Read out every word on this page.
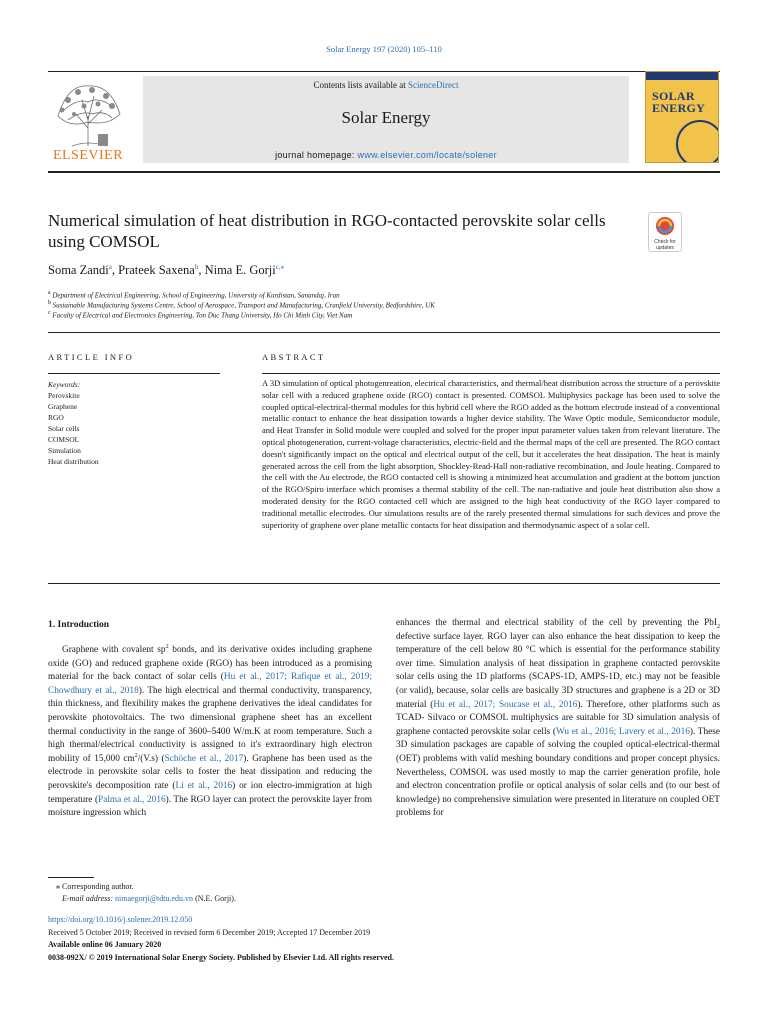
Solar Energy 197 (2020) 105–110
ELSEVIER
Contents lists available at ScienceDirect
Solar Energy
journal homepage: www.elsevier.com/locate/solener
SOLAR
ENERGY
Numerical simulation of heat distribution in RGO-contacted perovskite solar cells using COMSOL	Check for
updates
Soma Zandi$^a$, Prateek Saxena$^b$, Nima E. Gorji$^{c,⁎}$
$^a$ Department of Electrical Engineering, School of Engineering, University of Kurdistan, Sanandaj, Iran
$^b$ Sustainable Manufacturing Systems Centre, School of Aerospace, Transport and Manufacturing, Cranfield University, Bedfordshire, UK
$^c$ Faculty of Electrical and Electronics Engineering, Ton Duc Thang University, Ho Chi Minh City, Viet Nam
ARTICLE INFO
Keywords:
Perovskite
Graphene
RGO
Solar cells
COMSOL
Simulation
Heat distribution
ABSTRACT
A 3D simulation of optical photogenreation, electrical characteristics, and thermal/heat distribution across the structure of a perovskite solar cell with a reduced graphene oxide (RGO) contact is presented. COMSOL Multiphysics package has been used to solve the coupled optical-electrical-thermal modules for this hybrid cell where the RGO added as the bottom electrode instead of a conventional metallic contact to enhance the heat dissipation towards a higher device stability. The Wave Optic module, Semiconductor module, and Heat Transfer in Solid module were coupled and solved for the proper input parameter values taken from relevant literature. The optical photogeneration, current-voltage characteristics, electric-field and the thermal maps of the cell are presented. The RGO contact doesn't significantly impact on the optical and electrical output of the cell, but it accelerates the heat dissipation. The heat is mainly generated across the cell from the light absorption, Shockley-Read-Hall non-radiative recombination, and Joule heating. Compared to the cell with the Au electrode, the RGO contacted cell is showing a minimized heat accumulation and gradient at the bottom junction of the RGO/Spiro interface which promises a thermal stability of the cell. The nan-radiative and joule heat distribution also show a moderated density for the RGO contacted cell which are assigned to the high heat conductivity of the RGO layer compared to traditional metallic electrodes. Our simulations results are of the rarely presented thermal simulations for such devices and prove the superiority of graphene over plane metallic contacts for heat dissipation and thermodynamic aspect of a solar cell.
1. Introduction

Graphene with covalent $sp^2$ bonds, and its derivative oxides including graphene oxide (GO) and reduced graphene oxide (RGO) has been introduced as a promising material for the back contact of solar cells (Hu et al., 2017; Rafique et al., 2019; Chowdhury et al., 2018). The high electrical and thermal conductivity, transparency, thin thickness, and flexibility makes the graphene derivatives the ideal candidates for perovskite photovoltaics. The two dimensional graphene sheet has an excellent thermal conductivity in the range of 3600–5400 W/m.K at room temperature. Such a high thermal/electrical conductivity is assigned to it's extraordinary high electron mobility of 15,000 $cm^2/(V.s)$ (Schöche et al., 2017). Graphene has been used as the electrode in perovskite solar cells to foster the heat dissipation and reducing the perovskite's decomposition rate (Li et al., 2016) or ion electro-immigration at high temperature (Palma et al., 2016). The RGO layer can protect the perovskite layer from moisture ingression which

enhances the thermal and electrical stability of the cell by preventing the PbI$_2$ defective surface layer. RGO layer can also enhance the heat dissipation to keep the temperature of the cell below 80 °C which is essential for the performance stability over time. Simulation analysis of heat dissipation in graphene contacted perovskite solar cells using the 1D platforms (SCAPS-1D, AMPS-1D, etc.) may not be feasible (or valid), because, solar cells are basically 3D structures and graphene is a 2D or 3D material (Hu et al., 2017; Soucase et al., 2016). Therefore, other platforms such as TCAD- Silvaco or COMSOL multiphysics are suitable for 3D simulation analysis of graphene contacted perovskite solar cells (Wu et al., 2016; Lavery et al., 2016). These 3D simulation packages are capable of solving the coupled optical-electrical-thermal (OET) problems with valid meshing boundary conditions and proper concept physics. Nevertheless, COMSOL was used mostly to map the carrier generation profile, hole and electron concentration profile or optical analysis of solar cells and (to our best of knowledge) no comprehensive simulation were presented in literature on coupled OET problems for

⁎ Corresponding author.
E-mail address: nimaegorji@tdtu.edu.vn (N.E. Gorji).
https://doi.org/10.1016/j.solener.2019.12.050
Received 5 October 2019; Received in revised form 6 December 2019; Accepted 17 December 2019
Available online 06 January 2020
0038-092X/ © 2019 International Solar Energy Society. Published by Elsevier Ltd. All rights reserved.
